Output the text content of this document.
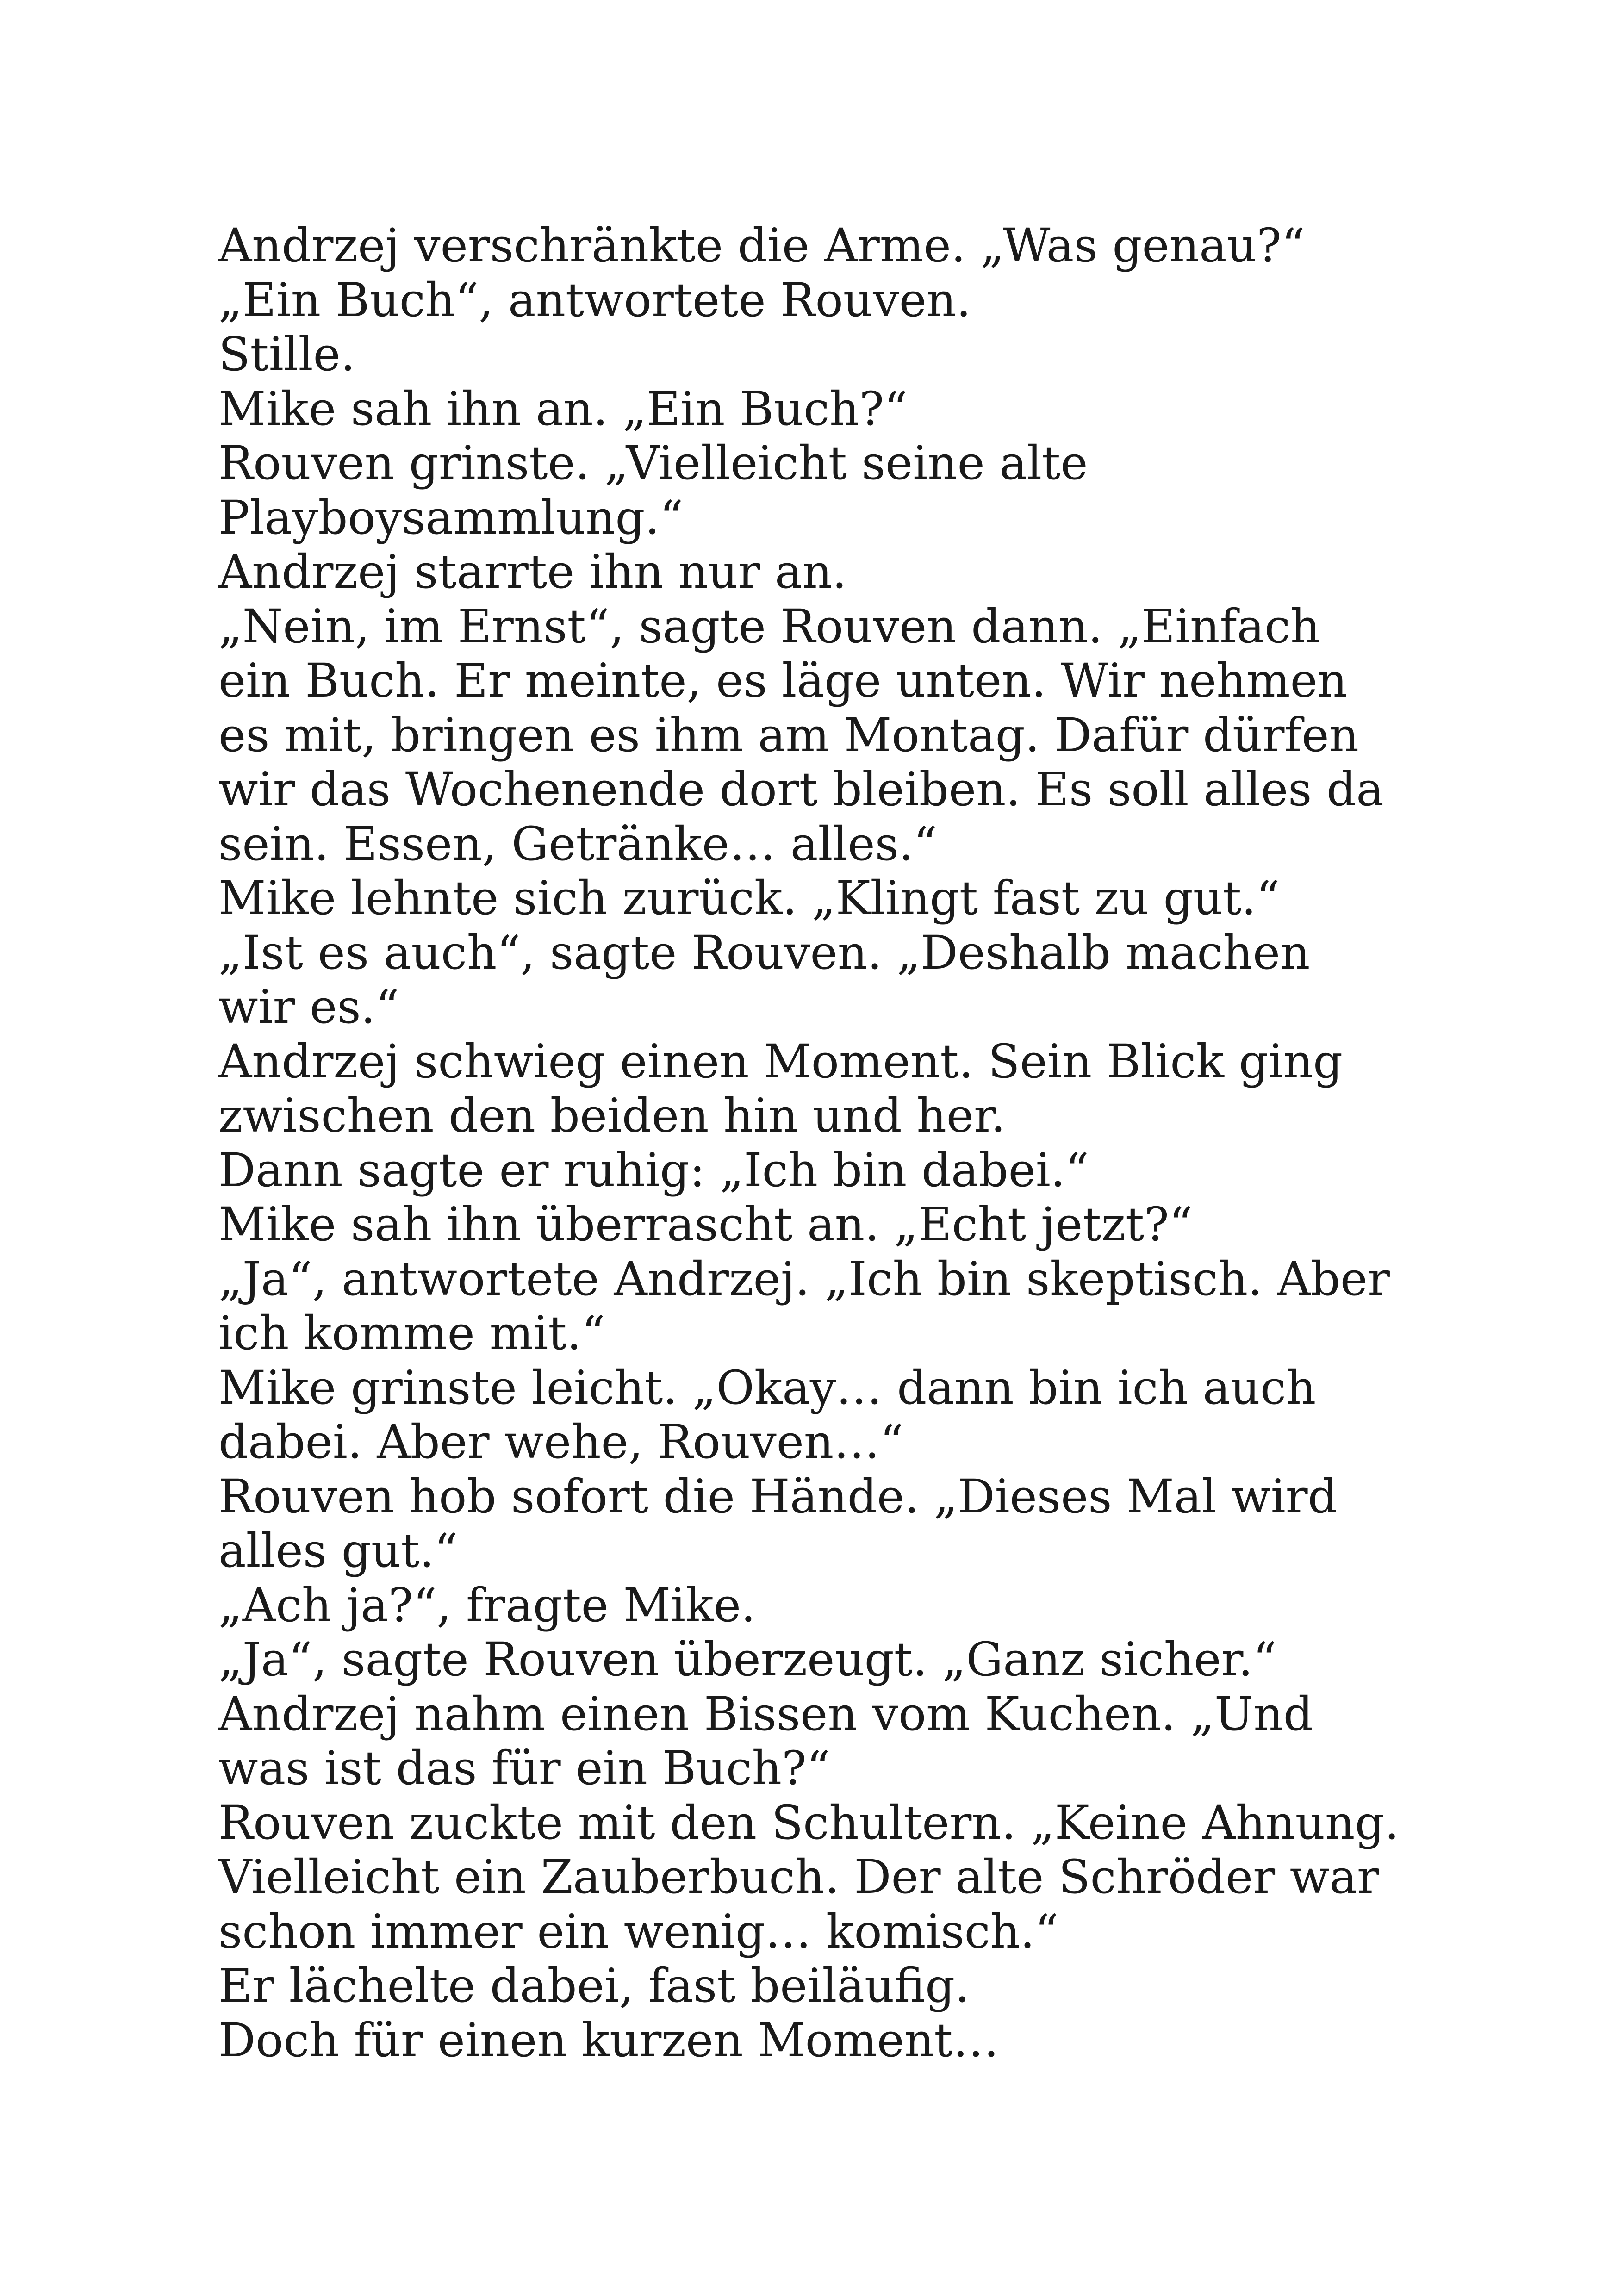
Andrzej verschränkte die Arme. „Was genau?“
„Ein Buch“, antwortete Rouven.
Stille.
Mike sah ihn an. „Ein Buch?“
Rouven grinste. „Vielleicht seine alte
Playboysammlung.“
Andrzej starrte ihn nur an.
„Nein, im Ernst“, sagte Rouven dann. „Einfach
ein Buch. Er meinte, es läge unten. Wir nehmen
es mit, bringen es ihm am Montag. Dafür dürfen
wir das Wochenende dort bleiben. Es soll alles da
sein. Essen, Getränke… alles.“
Mike lehnte sich zurück. „Klingt fast zu gut.“
„Ist es auch“, sagte Rouven. „Deshalb machen
wir es.“
Andrzej schwieg einen Moment. Sein Blick ging
zwischen den beiden hin und her.
Dann sagte er ruhig: „Ich bin dabei.“
Mike sah ihn überrascht an. „Echt jetzt?“
„Ja“, antwortete Andrzej. „Ich bin skeptisch. Aber
ich komme mit.“
Mike grinste leicht. „Okay… dann bin ich auch
dabei. Aber wehe, Rouven…“
Rouven hob sofort die Hände. „Dieses Mal wird
alles gut.“
„Ach ja?“, fragte Mike.
„Ja“, sagte Rouven überzeugt. „Ganz sicher.“
Andrzej nahm einen Bissen vom Kuchen. „Und
was ist das für ein Buch?“
Rouven zuckte mit den Schultern. „Keine Ahnung.
Vielleicht ein Zauberbuch. Der alte Schröder war
schon immer ein wenig… komisch.“
Er lächelte dabei, fast beiläufig.
Doch für einen kurzen Moment…
